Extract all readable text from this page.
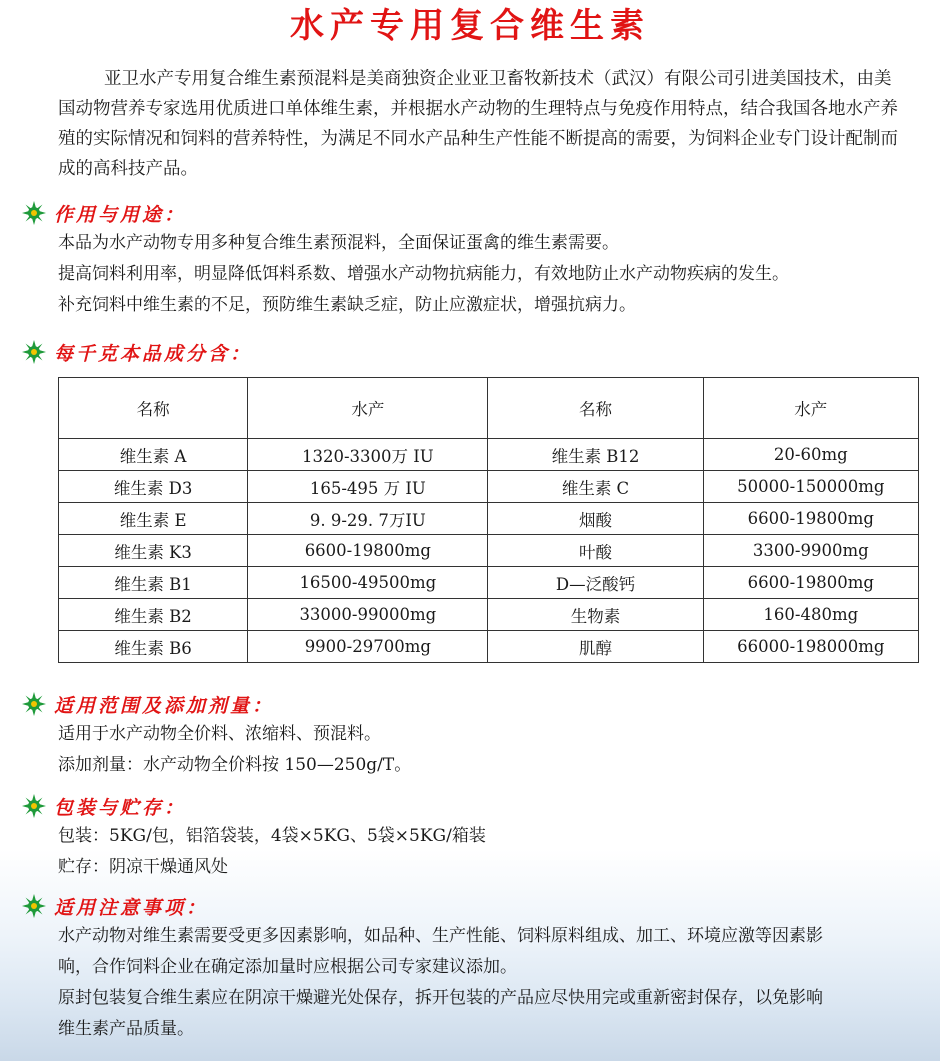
水产专用复合维生素

亚卫水产专用复合维生素预混料是美商独资企业亚卫畜牧新技术（武汉）有限公司引进美国技术，由美国动物营养专家选用优质进口单体维生素，并根据水产动物的生理特点与免疫作用特点，结合我国各地水产养殖的实际情况和饲料的营养特性，为满足不同水产品种生产性能不断提高的需要，为饲料企业专门设计配制而成的高科技产品。

作用与用途：

本品为水产动物专用多种复合维生素预混料，全面保证蛋禽的维生素需要。

提高饲料利用率，明显降低饵料系数、增强水产动物抗病能力，有效地防止水产动物疾病的发生。

补充饲料中维生素的不足，预防维生素缺乏症，防止应激症状，增强抗病力。

每千克本品成分含：
名称	水产	名称	水产
维生素 A	1320-3300万 IU	维生素 B12	20-60mg
维生素 D3	165-495 万 IU	维生素 C	50000-150000mg
维生素 E	9. 9-29. 7万IU	烟酸	6600-19800mg
维生素 K3	6600-19800mg	叶酸	3300-9900mg
维生素 B1	16500-49500mg	D—泛酸钙	6600-19800mg
维生素 B2	33000-99000mg	生物素	160-480mg
维生素 B6	9900-29700mg	肌醇	66000-198000mg
适用范围及添加剂量：

适用于水产动物全价料、浓缩料、预混料。

添加剂量：水产动物全价料按 150—250g/T。

包装与贮存：

包装：5KG/包，铝箔袋装，4袋×5KG、5袋×5KG/箱装

贮存：阴凉干燥通风处

适用注意事项：

水产动物对维生素需要受更多因素影响，如品种、生产性能、饲料原料组成、加工、环境应激等因素影响，合作饲料企业在确定添加量时应根据公司专家建议添加。

原封包装复合维生素应在阴凉干燥避光处保存，拆开包装的产品应尽快用完或重新密封保存，以免影响维生素产品质量。
